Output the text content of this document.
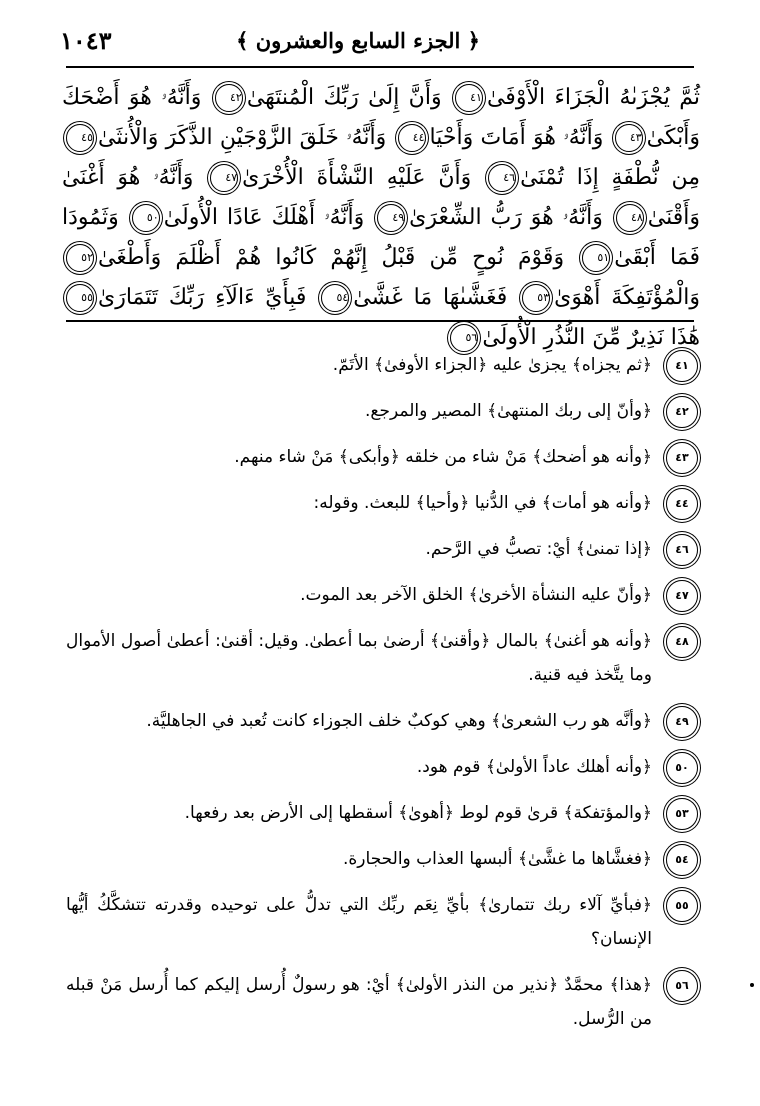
﴿ الجزء السابع والعشرون ﴾
١٠٤٣
ثُمَّ يُجْزَىٰهُ الْجَزَاءَ الْأَوْفَىٰ٤١ وَأَنَّ إِلَىٰ رَبِّكَ الْمُنتَهَىٰ٤٢ وَأَنَّهُۥ هُوَ أَضْحَكَ وَأَبْكَىٰ٤٣ وَأَنَّهُۥ هُوَ أَمَاتَ وَأَحْيَا٤٤ وَأَنَّهُۥ خَلَقَ الزَّوْجَيْنِ الذَّكَرَ وَالْأُنثَىٰ٤٥ مِن نُّطْفَةٍ إِذَا تُمْنَىٰ٤٦ وَأَنَّ عَلَيْهِ النَّشْأَةَ الْأُخْرَىٰ٤٧ وَأَنَّهُۥ هُوَ أَغْنَىٰ وَأَقْنَىٰ٤٨ وَأَنَّهُۥ هُوَ رَبُّ الشِّعْرَىٰ٤٩ وَأَنَّهُۥ أَهْلَكَ عَادًا الْأُولَىٰ٥٠ وَثَمُودَا فَمَا أَبْقَىٰ٥١ وَقَوْمَ نُوحٍ مِّن قَبْلُ إِنَّهُمْ كَانُوا هُمْ أَظْلَمَ وَأَطْغَىٰ٥٢ وَالْمُؤْتَفِكَةَ أَهْوَىٰ٥٣ فَغَشَّىٰهَا مَا غَشَّىٰ٥٤ فَبِأَيِّ ءَالَآءِ رَبِّكَ تَتَمَارَىٰ٥٥ هَٰذَا نَذِيرٌ مِّنَ النُّذُرِ الْأُولَىٰ٥٦
٤١
﴿ثم يجزاه﴾ يجزىٰ عليه ﴿الجزاء الأوفىٰ﴾ الأتَمّ.
٤٢
﴿وأنّ إلى ربك المنتهىٰ﴾ المصير والمرجع.
٤٣
﴿وأنه هو أضحك﴾ مَنْ شاء من خلقه ﴿وأبكى﴾ مَنْ شاء منهم.
٤٤
﴿وأنه هو أمات﴾ في الدُّنيا ﴿وأحيا﴾ للبعث. وقوله:
٤٦
﴿إذا تمنىٰ﴾ أيْ: تصبُّ في الرَّحم.
٤٧
﴿وأنّ عليه النشأة الأخرىٰ﴾ الخلق الآخر بعد الموت.
٤٨
﴿وأنه هو أغنىٰ﴾ بالمال ﴿وأقنىٰ﴾ أرضىٰ بما أعطىٰ. وقيل: أقنىٰ: أعطىٰ أصول الأموال وما يتَّخذ فيه قنية.
٤٩
﴿وأنَّه هو رب الشعرىٰ﴾ وهي كوكبٌ خلف الجوزاء كانت تُعبد في الجاهليَّة.
٥٠
﴿وأنه أهلك عاداً الأولىٰ﴾ قوم هود.
٥٣
﴿والمؤتفكة﴾ قرىٰ قوم لوط ﴿أهوىٰ﴾ أسقطها إلى الأرض بعد رفعها.
٥٤
﴿فغشَّاها ما غشَّىٰ﴾ ألبسها العذاب والحجارة.
٥٥
﴿فبأيِّ آلاء ربك تتمارىٰ﴾ بأيِّ نِعَم ربِّك التي تدلُّ على توحيده وقدرته تتشكَّكُ أيُّها الإنسان؟
٥٦
﴿هذا﴾ محمَّدٌ ﴿نذير من النذر الأولىٰ﴾ أيْ: هو رسولٌ أُرسل إليكم كما أُرسل مَنْ قبله من الرُّسل.
